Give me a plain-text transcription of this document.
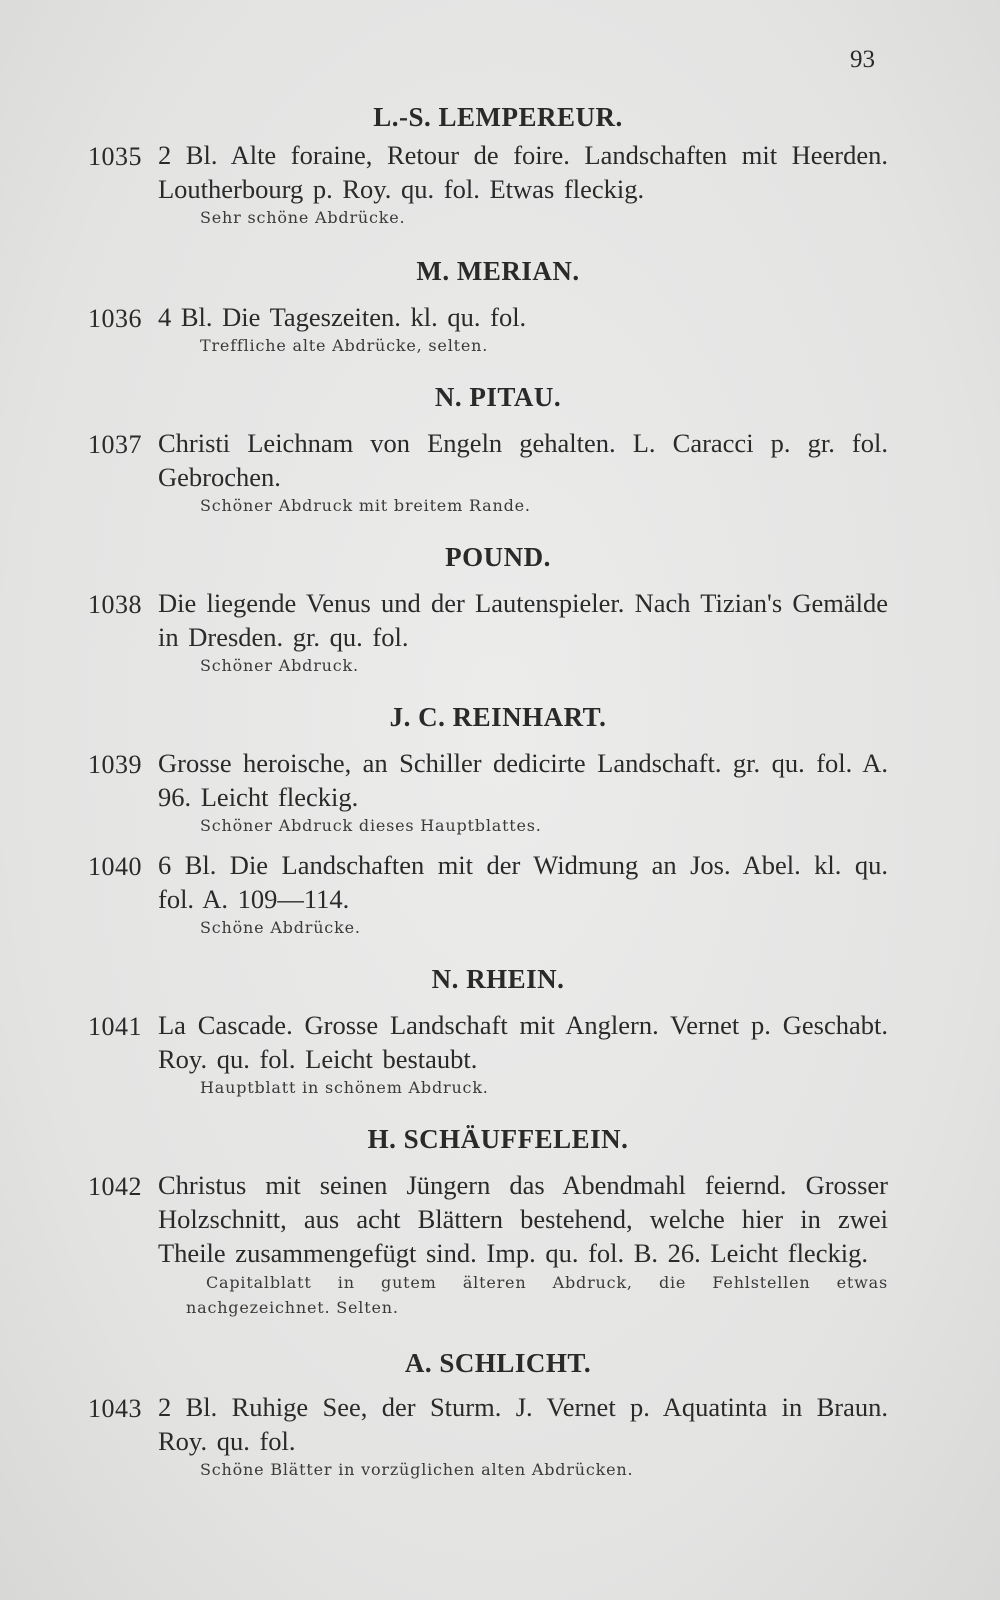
93
L.-S. LEMPEREUR.
1035 2 Bl. Alte foraine, Retour de foire. Landschaften mit Heerden. Loutherbourg p. Roy. qu. fol. Etwas fleckig.
Sehr schöne Abdrücke.
M. MERIAN.
1036 4 Bl. Die Tageszeiten. kl. qu. fol.
Treffliche alte Abdrücke, selten.
N. PITAU.
1037 Christi Leichnam von Engeln gehalten. L. Caracci p. gr. fol. Gebrochen.
Schöner Abdruck mit breitem Rande.
POUND.
1038 Die liegende Venus und der Lautenspieler. Nach Tizian's Gemälde in Dresden. gr. qu. fol.
Schöner Abdruck.
J. C. REINHART.
1039 Grosse heroische, an Schiller dedicirte Landschaft. gr. qu. fol. A. 96. Leicht fleckig.
Schöner Abdruck dieses Hauptblattes.
1040 6 Bl. Die Landschaften mit der Widmung an Jos. Abel. kl. qu. fol. A. 109—114.
Schöne Abdrücke.
N. RHEIN.
1041 La Cascade. Grosse Landschaft mit Anglern. Vernet p. Geschabt. Roy. qu. fol. Leicht bestaubt.
Hauptblatt in schönem Abdruck.
H. SCHÄUFFELEIN.
1042 Christus mit seinen Jüngern das Abendmahl feiernd. Grosser Holzschnitt, aus acht Blättern bestehend, welche hier in zwei Theile zusammengefügt sind. Imp. qu. fol. B. 26. Leicht fleckig.
Capitalblatt in gutem älteren Abdruck, die Fehlstellen etwas nachgezeichnet. Selten.
A. SCHLICHT.
1043 2 Bl. Ruhige See, der Sturm. J. Vernet p. Aquatinta in Braun. Roy. qu. fol.
Schöne Blätter in vorzüglichen alten Abdrücken.
